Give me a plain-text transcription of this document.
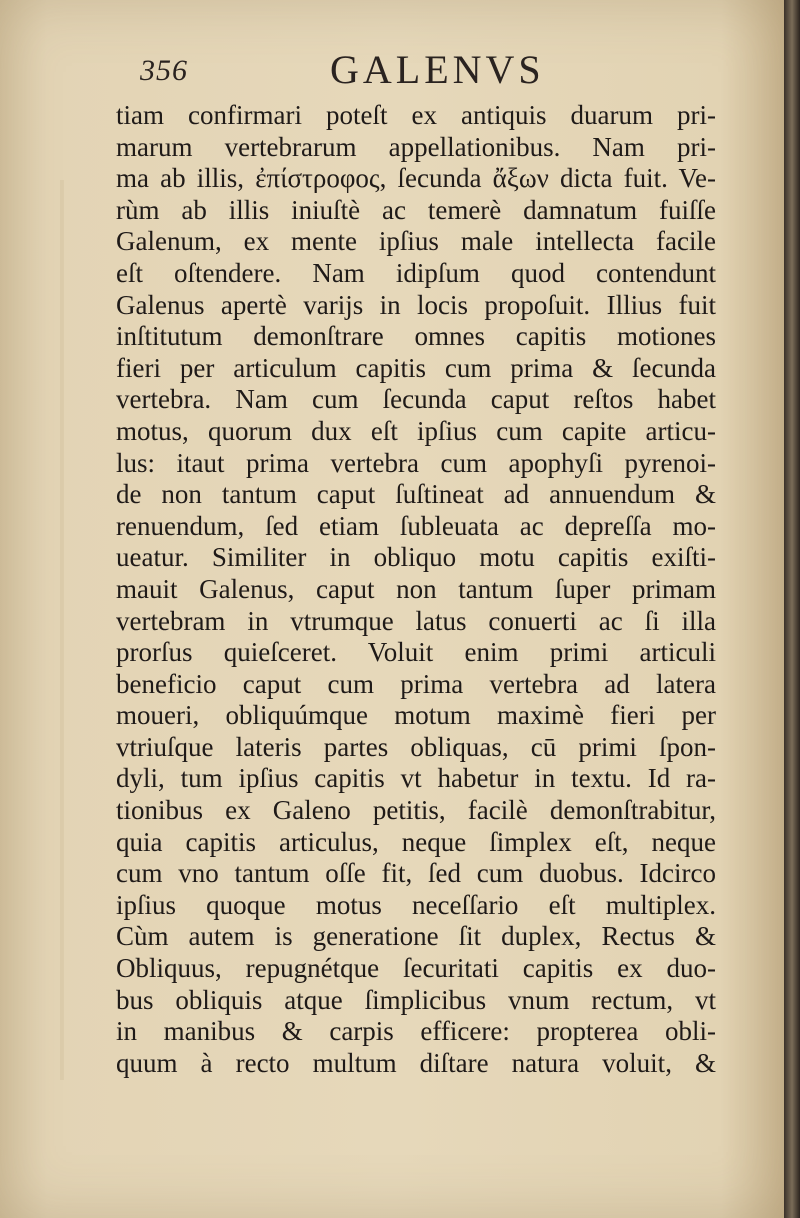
356	GALENVS
tiam confirmari poteſt ex antiquis duarum pri-
marum vertebrarum appellationibus. Nam pri-
ma ab illis, ἐπίστροφος, ſecunda ἄξων dicta fuit. Ve-
rùm ab illis iniuſtè ac temerè damnatum fuiſſe
Galenum, ex mente ipſius male intellecta facile
eſt oſtendere. Nam idipſum quod contendunt
Galenus apertè varijs in locis propoſuit. Illius fuit
inſtitutum demonſtrare omnes capitis motiones
fieri per articulum capitis cum prima & ſecunda
vertebra. Nam cum ſecunda caput reſtos habet
motus, quorum dux eſt ipſius cum capite articu-
lus: itaut prima vertebra cum apophyſi pyrenoi-
de non tantum caput ſuſtineat ad annuendum &
renuendum, ſed etiam ſubleuata ac depreſſa mo-
ueatur. Similiter in obliquo motu capitis exiſti-
mauit Galenus, caput non tantum ſuper primam
vertebram in vtrumque latus conuerti ac ſi illa
prorſus quieſceret. Voluit enim primi articuli
beneficio caput cum prima vertebra ad latera
moueri, obliquúmque motum maximè fieri per
vtriuſque lateris partes obliquas, cū primi ſpon-
dyli, tum ipſius capitis vt habetur in textu. Id ra-
tionibus ex Galeno petitis, facilè demonſtrabitur,
quia capitis articulus, neque ſimplex eſt, neque
cum vno tantum oſſe fit, ſed cum duobus. Idcirco
ipſius quoque motus neceſſario eſt multiplex.
Cùm autem is generatione ſit duplex, Rectus &
Obliquus, repugnétque ſecuritati capitis ex duo-
bus obliquis atque ſimplicibus vnum rectum, vt
in manibus & carpis efficere: propterea obli-
quum à recto multum diſtare natura voluit, &
